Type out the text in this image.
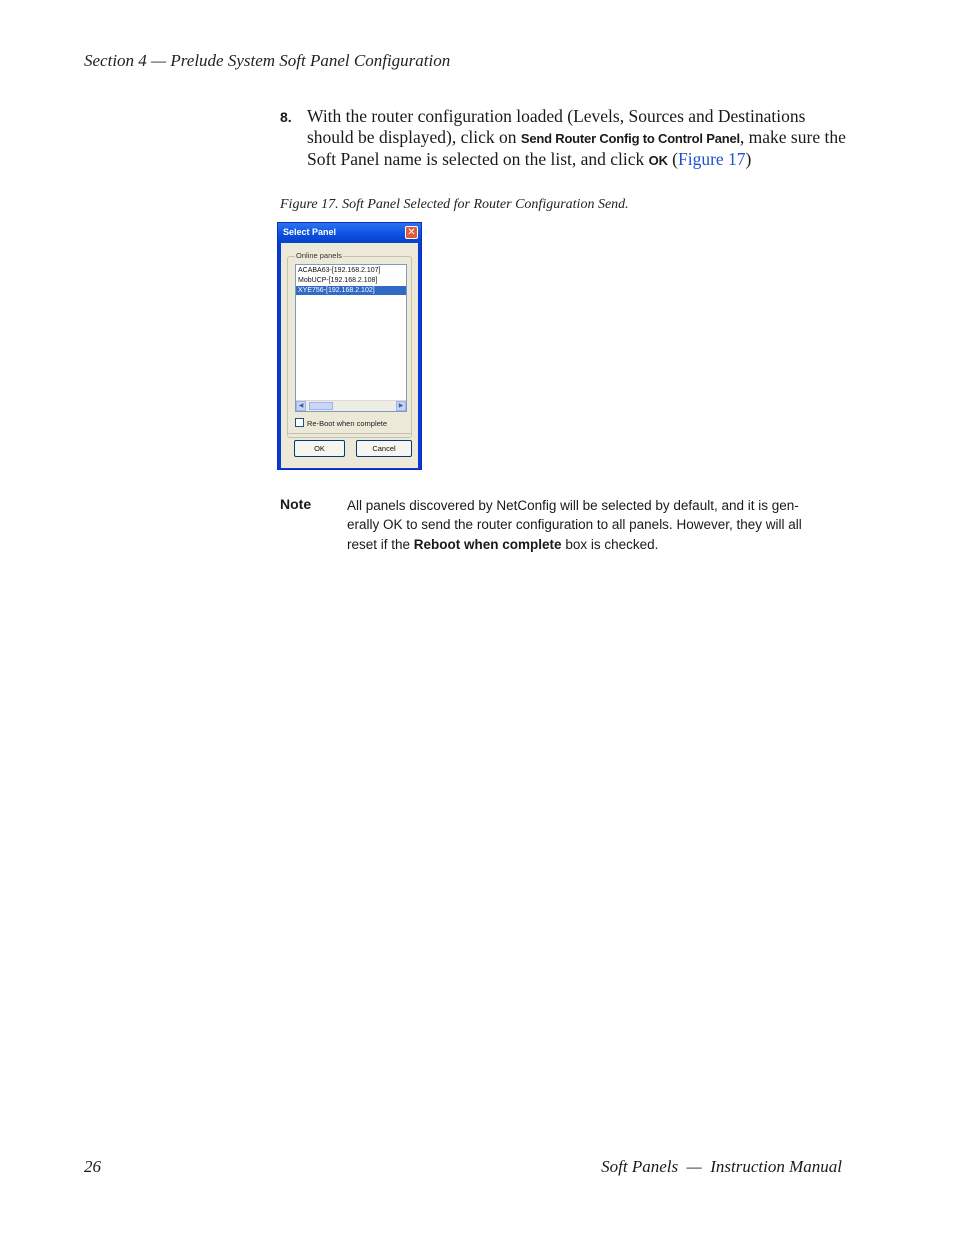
Section 4 — Prelude System Soft Panel Configuration
8. With the router configuration loaded (Levels, Sources and Destinations should be displayed), click on Send Router Config to Control Panel, make sure the Soft Panel name is selected on the list, and click OK (Figure 17)
Figure 17. Soft Panel Selected for Router Configuration Send.
Select Panel	✕
Online panels
ACABA63-[192.168.2.107]
MobUCP-[192.168.2.108]
XYE756-[192.168.2.102]
◀	▶
Re-Boot when complete
OK	Cancel
Note	All panels discovered by NetConfig will be selected by default, and it is gen-erally OK to send the router configuration to all panels. However, they will all reset if the Reboot when complete box is checked.
26	Soft Panels  —  Instruction Manual
